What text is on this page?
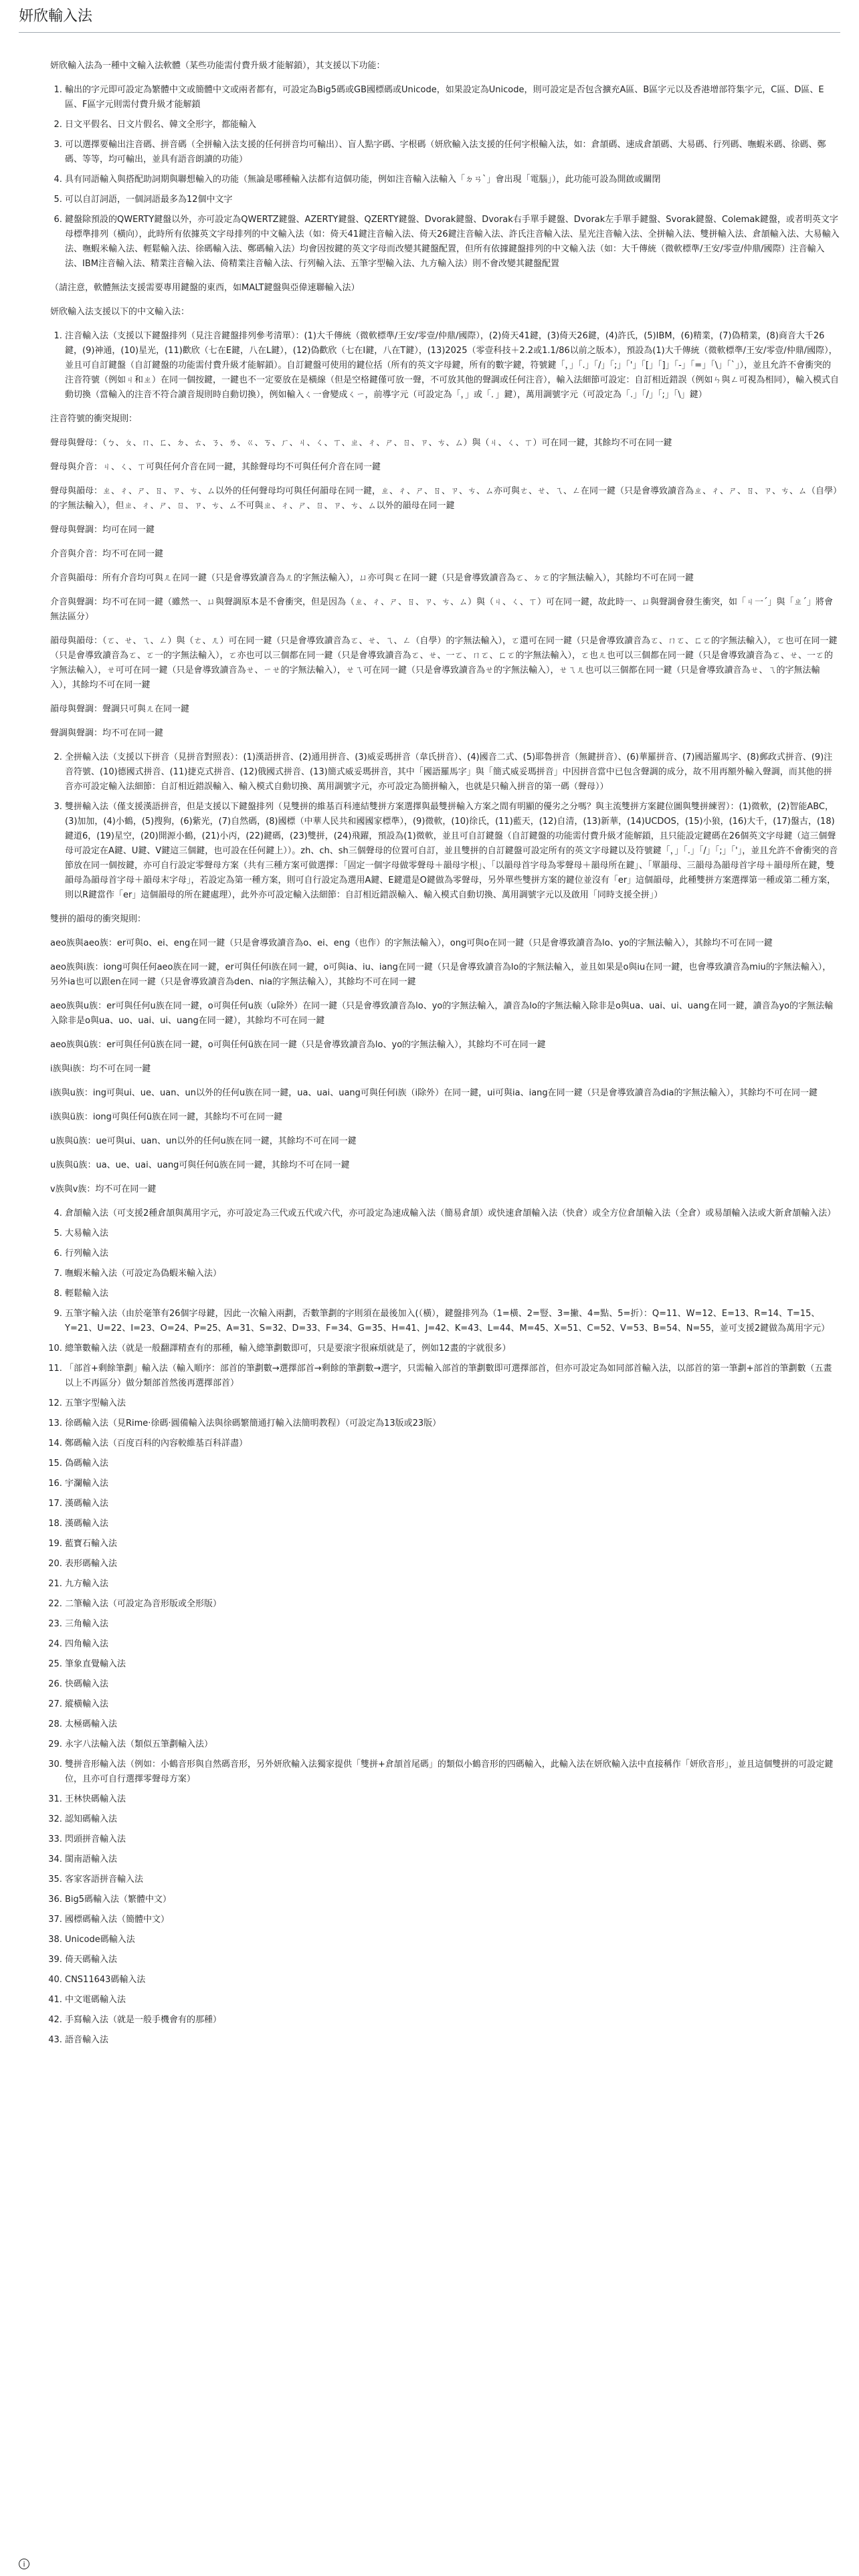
妍欣輸入法

妍欣輸入法為一種中文輸入法軟體（某些功能需付費升級才能解鎖），其支援以下功能：

1. 輸出的字元即可設定為繁體中文或簡體中文或兩者都有，可設定為Big5碼或GB國標碼或Unicode，如果設定為Unicode，則可設定是否包含擴充A區、B區字元以及香港增部符集字元，C區、D區、E區、F區字元則需付費升級才能解鎖
2. 日文平假名、日文片假名、韓文全形字，都能輸入
3. 可以選擇要輸出注音碼、拼音碼（全拼輸入法支援的任何拼音均可輸出）、盲人點字碼、字根碼（妍欣輸入法支援的任何字根輸入法，如：倉頡碼、速成倉頡碼、大易碼、行列碼、嘸蝦米碼、徐碼、鄭碼、等等，均可輸出，並具有語音朗讀的功能）
4. 具有同語輸入與搭配助詞期與聯想輸入的功能（無論是哪種輸入法都有這個功能，例如注音輸入法輸入「ㄉㄢˋ」會出現「電腦」），此功能可設為開啟或關閉
5. 可以自訂詞語，一個詞語最多為12個中文字
6. 鍵盤除預設的QWERTY鍵盤以外，亦可設定為QWERTZ鍵盤、AZERTY鍵盤、QZERTY鍵盤、Dvorak鍵盤、Dvorak右手單手鍵盤、Dvorak左手單手鍵盤、Svorak鍵盤、Colemak鍵盤，或者明英文字母標準排列（橫向），此時所有依據英文字母排列的中文輸入法（如：倚天41鍵注音輸入法、倚天26鍵注音輸入法、許氏注音輸入法、星光注音輸入法、全拼輸入法、雙拼輸入法、倉頡輸入法、大易輸入法、嘸蝦米輸入法、輕鬆輸入法、徐碼輸入法、鄭碼輸入法）均會因按鍵的英文字母而改變其鍵盤配置，但所有依據鍵盤排列的中文輸入法（如：大千傳統（微軟標準/王安/零壹/仲鼎/國際）注音輸入法、IBM注音輸入法、精業注音輸入法、倚精業注音輸入法、行列輸入法、五筆字型輸入法、九方輸入法）則不會改變其鍵盤配置

（請注意，軟體無法支援需要專用鍵盤的東西，如MALT鍵盤與亞偉速聯輸入法）

妍欣輸入法支援以下的中文輸入法：

1. 注音輸入法（支援以下鍵盤排列（見注音鍵盤排列參考清單）：(1)大千傳統（微軟標準/王安/零壹/仲鼎/國際），(2)倚天41鍵，(3)倚天26鍵，(4)許氏，(5)IBM，(6)精業，(7)偽精業，(8)商音大千26鍵，(9)神通，(10)星光，(11)歡欣（七在E鍵，八在L鍵），(12)偽歡欣（七在I鍵，八在T鍵），(13)2025（零壹科技＋2.2或1.1/86以前之版本），預設為(1)大千傳統（微軟標準/王安/零壹/仲鼎/國際），並且可自訂鍵盤（自訂鍵盤的功能需付費升級才能解鎖）。自訂鍵盤可使用的鍵位括（所有的英文字母鍵，所有的數字鍵，符號鍵「，」「.」「/」「;」「'」「[」「]」「-」「=」「\」「`」），並且允許不會衝突的注音符號（例如ㄐ和ㄓ）在同一個按鍵，一鍵也不一定要放在是橫線（但是空格鍵僅可放一聲，不可放其他的聲調或任何注音），輸入法細節可設定：自訂相近錯誤（例如ㄣ與ㄥ可視為相同），輸入模式自動切換（當輸入的注音不符合讀音規則時自動切換），例如輸入ㄑ一會變成ㄑㄧ，前導字元（可設定為「，」或「．」鍵），萬用調號字元（可設定為「.」「/」「;」「\」鍵）

注音符號的衝突規則：

聲母與聲母：（ㄅ、ㄆ、ㄇ、ㄈ、ㄉ、ㄊ、ㄋ、ㄌ、ㄍ、ㄎ、ㄏ、ㄐ、ㄑ、ㄒ、ㄓ、ㄔ、ㄕ、ㄖ、ㄗ、ㄘ、ㄙ）與（ㄐ、ㄑ、ㄒ）可在同一鍵，其餘均不可在同一鍵

聲母與介音：ㄐ、ㄑ、ㄒ可與任何介音在同一鍵，其餘聲母均不可與任何介音在同一鍵

聲母與韻母：ㄓ、ㄔ、ㄕ、ㄖ、ㄗ、ㄘ、ㄙ以外的任何聲母均可與任何韻母在同一鍵，ㄓ、ㄔ、ㄕ、ㄖ、ㄗ、ㄘ、ㄙ亦可與ㄜ、ㄝ、ㄟ、ㄥ在同一鍵（只是會導致讀音為ㄓ、ㄔ、ㄕ、ㄖ、ㄗ、ㄘ、ㄙ（自學）的字無法輸入），但ㄓ、ㄔ、ㄕ、ㄖ、ㄗ、ㄘ、ㄙ不可與ㄓ、ㄔ、ㄕ、ㄖ、ㄗ、ㄘ、ㄙ以外的韻母在同一鍵

聲母與聲調：均可在同一鍵

介音與介音：均不可在同一鍵

介音與韻母：所有介音均可與ㄦ在同一鍵（只是會導致讀音為ㄦ的字無法輸入），ㄩ亦可與ㄛ在同一鍵（只是會導致讀音為ㄛ、ㄉㄛ的字無法輸入），其餘均不可在同一鍵

介音與聲調：均不可在同一鍵（雖然一、ㄩ與聲調原本是不會衝突，但是因為（ㄓ、ㄔ、ㄕ、ㄖ、ㄗ、ㄘ、ㄙ）與（ㄐ、ㄑ、ㄒ）可在同一鍵，故此時一、ㄩ與聲調會發生衝突，如「ㄐ一ˊ」與「ㄓˊ」將會無法區分）

韻母與韻母：（ㄛ、ㄝ、ㄟ、ㄥ）與（ㄜ、ㄦ）可在同一鍵（只是會導致讀音為ㄛ、ㄝ、ㄟ、ㄥ（自學）的字無法輸入），ㄛ還可在同一鍵（只是會導致讀音為ㄛ、ㄇㄛ、ㄈㄛ的字無法輸入），ㄛ也可在同一鍵（只是會導致讀音為ㄛ、ㄛ一的字無法輸入），ㄛ亦也可以三個都在同一鍵（只是會導致讀音為ㄛ、ㄝ、一ㄛ、ㄇㄛ、ㄈㄛ的字無法輸入），ㄛ也ㄦ也可以三個都在同一鍵（只是會導致讀音為ㄛ、ㄝ、一ㄛ的字無法輸入），ㄝ可可在同一鍵（只是會導致讀音為ㄝ、ㄧㄝ的字無法輸入），ㄝㄟ可在同一鍵（只是會導致讀音為ㄝ的字無法輸入），ㄝㄟㄦ也可以三個都在同一鍵（只是會導致讀音為ㄝ、ㄟ的字無法輸入），其餘均不可在同一鍵

韻母與聲調：聲調只可與ㄦ在同一鍵

聲調與聲調：均不可在同一鍵

2. 全拼輸入法（支援以下拼音（見拼音對照表）：(1)漢語拼音、(2)通用拼音、(3)威妥瑪拼音（韋氏拼音）、(4)國音二式、(5)耶魯拼音（無鍵拼音）、(6)華羅拼音、(7)國語羅馬字、(8)郵政式拼音、(9)注音符號、(10)德國式拼音、(11)捷克式拼音、(12)俄國式拼音、(13)簡式威妥瑪拼音，其中「國語羅馬字」與「簡式威妥瑪拼音」中因拼音當中已包含聲調的成分，故不用再額外輸入聲調，而其他的拼音亦可設定輸入法細節：自訂相近錯誤輸入、輸入模式自動切換、萬用調號字元，亦可設定為簡拼輸入，也就是只輸入拼音的第一碼（聲母））
3. 雙拼輸入法（僅支援漢語拼音，但是支援以下鍵盤排列（見雙拼的維基百科連結雙拼方案選擇與最雙拼輸入方案之間有明顯的優劣之分嗎？與主流雙拼方案鍵位圖與雙拼練習）：(1)微軟，(2)智能ABC，(3)加加，(4)小鶴，(5)搜狗，(6)紫光，(7)自然碼，(8)國標（中華人民共和國國家標準），(9)微軟，(10)徐氏，(11)藍天，(12)自清，(13)新華，(14)UCDOS，(15)小狼，(16)大千，(17)盤古，(18)鍵道6，(19)星空，(20)開源小鶴，(21)小丙，(22)鍵碼，(23)雙拼，(24)飛躍，預設為(1)微軟，並且可自訂鍵盤（自訂鍵盤的功能需付費升級才能解鎖，且只能設定鍵碼在26個英文字母鍵（這三個聲母可設定在A鍵、U鍵、V鍵這三個鍵，也可設在任何鍵上））。zh、ch、sh三個聲母的位置可自訂，並且雙拼的自訂鍵盤可設定所有的英文字母鍵以及符號鍵「，」「.」「/」「;」「'」，並且允許不會衝突的音節放在同一個按鍵，亦可自行設定零聲母方案（共有三種方案可做選擇：「固定一個字母做零聲母＋韻母字根」、「以韻母首字母為零聲母＋韻母所在鍵」、「單韻母、三韻母為韻母首字母＋韻母所在鍵，雙韻母為韻母首字母＋韻母末字母」，若設定為第一種方案，則可自行設定為選用A鍵、E鍵還是O鍵做為零聲母，另外單些雙拼方案的鍵位並沒有「er」這個韻母，此種雙拼方案選擇第一種或第二種方案，則以R鍵當作「er」這個韻母的所在鍵處理），此外亦可設定輸入法細節：自訂相近錯誤輸入、輸入模式自動切換、萬用調號字元以及啟用「同時支援全拼」）

雙拼的韻母的衝突規則：

aeo族與aeo族：er可與o、ei、eng在同一鍵（只是會導致讀音為o、ei、eng（也作）的字無法輸入），ong可與o在同一鍵（只是會導致讀音為lo、yo的字無法輸入），其餘均不可在同一鍵

aeo族與i族：iong可與任何aeo族在同一鍵，er可與任何i族在同一鍵，o可與ia、iu、iang在同一鍵（只是會導致讀音為lo的字無法輸入，並且如果是o與iu在同一鍵，也會導致讀音為miu的字無法輸入），另外ia也可以跟en在同一鍵（只是會導致讀音為den、nia的字無法輸入），其餘均不可在同一鍵

aeo族與u族：er可與任何u族在同一鍵，o可與任何u族（u除外）在同一鍵（只是會導致讀音為lo、yo的字無法輸入，讀音為lo的字無法輸入除非是o與ua、uai、ui、uang在同一鍵，讀音為yo的字無法輸入除非是o與ua、uo、uai、ui、uang在同一鍵），其餘均不可在同一鍵

aeo族與ü族：er可與任何ü族在同一鍵，o可與任何ü族在同一鍵（只是會導致讀音為lo、yo的字無法輸入），其餘均不可在同一鍵

i族與i族：均不可在同一鍵

i族與u族：ing可與ui、ue、uan、un以外的任何u族在同一鍵，ua、uai、uang可與任何i族（i除外）在同一鍵，ui可與ia、iang在同一鍵（只是會導致讀音為dia的字無法輸入），其餘均不可在同一鍵

i族與ü族：iong可與任何ü族在同一鍵，其餘均不可在同一鍵

u族與ü族：ue可與ui、uan、un以外的任何u族在同一鍵，其餘均不可在同一鍵

u族與ü族：ua、ue、uai、uang可與任何ü族在同一鍵，其餘均不可在同一鍵

v族與v族：均不可在同一鍵

4. 倉頡輸入法（可支援2種倉頡與萬用字元，亦可設定為三代或五代或六代，亦可設定為速成輸入法（簡易倉頡）或快速倉頡輸入法（快倉）或全方位倉頡輸入法（全倉）或易頡輸入法或大新倉頡輸入法）
5. 大易輸入法
6. 行列輸入法
7. 嘸蝦米輸入法（可設定為偽蝦米輸入法）
8. 輕鬆輸入法
9. 五筆字輸入法（由於毫筆有26個字母鍵，因此一次輸入兩劃，否數筆劃的字則須在最後加入(（橫），鍵盤排列為（1=橫、2=豎、3=撇、4=點、5=折）：Q=11、W=12、E=13、R=14、T=15、Y=21、U=22、I=23、O=24、P=25、A=31、S=32、D=33、F=34、G=35、H=41、J=42、K=43、L=44、M=45、X=51、C=52、V=53、B=54、N=55，並可支援2鍵做為萬用字元）
10. 總筆數輸入法（就是一般翻譯精查有的那種，輸入總筆劃數即可，只是要滚字很麻煩就是了，例如12畫的字就很多）
11. 「部首+剩餘筆劃」輸入法（輸入順序：部首的筆劃數→選擇部首→剩餘的筆劃數→選字，只需輸入部首的筆劃數即可選擇部首，但亦可設定為如同部首輸入法，以部首的第一筆劃+部首的筆劃數（五畫以上不再區分）做分類部首然後再選擇部首）
12. 五筆字型輸入法
13. 徐碼輸入法（見Rime·徐碼·圓備輸入法與徐碼繁簡通打輸入法簡明教程）（可設定為13版或23版）
14. 鄭碼輸入法（百度百科的內容較維基百科詳盡）
15. 偽碼輸入法
16. 宇瀾輸入法
17. 漢碼輸入法
18. 漢碼輸入法
19. 藍寶石輸入法
20. 表形碼輸入法
21. 九方輸入法
22. 二筆輸入法（可設定為音形版或全形版）
23. 三角輸入法
24. 四角輸入法
25. 筆象直覺輸入法
26. 快碼輸入法
27. 縱橫輸入法
28. 太極碼輸入法
29. 永字八法輸入法（類似五筆劃輸入法）
30. 雙拼音形輸入法（例如：小鶴音形與自然碼音形，另外妍欣輸入法獨家提供「雙拼+倉頡首尾碼」的類似小鶴音形的四碼輸入，此輸入法在妍欣輸入法中直接稱作「妍欣音形」，並且這個雙拼的可設定鍵位，且亦可自行選擇零聲母方案）
31. 王林快碼輸入法
32. 認知碼輸入法
33. 閃頭拼音輸入法
34. 閩南語輸入法
35. 客家客語拼音輸入法
36. Big5碼輸入法（繁體中文）
37. 國標碼輸入法（簡體中文）
38. Unicode碼輸入法
39. 倚天碼輸入法
40. CNS11643碼輸入法
41. 中文電碼輸入法
42. 手寫輸入法（就是一般手機會有的那種）
43. 語音輸入法
i
